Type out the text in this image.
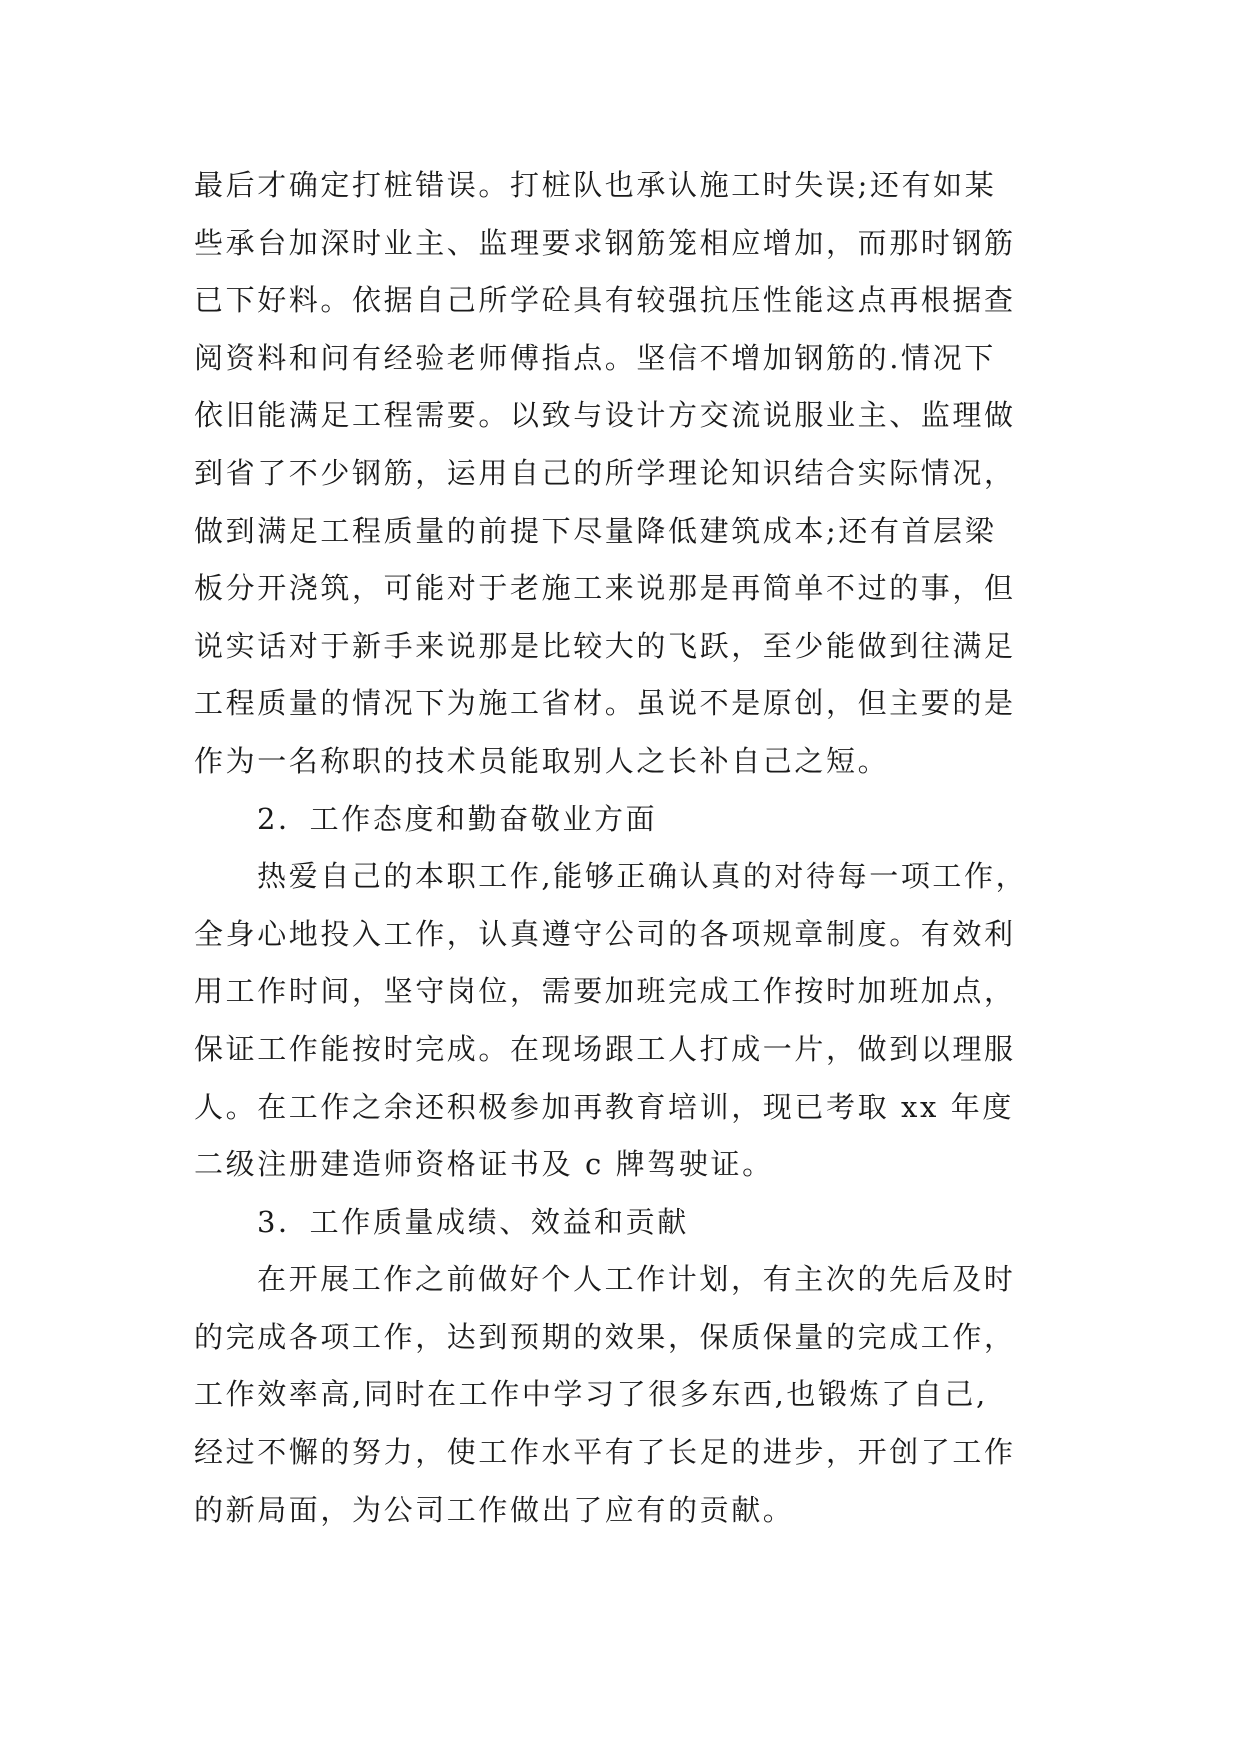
最后才确定打桩错误。打桩队也承认施工时失误;还有如某
些承台加深时业主、监理要求钢筋笼相应增加，而那时钢筋
已下好料。依据自己所学砼具有较强抗压性能这点再根据查
阅资料和问有经验老师傅指点。坚信不增加钢筋的.情况下
依旧能满足工程需要。以致与设计方交流说服业主、监理做
到省了不少钢筋，运用自己的所学理论知识结合实际情况，
做到满足工程质量的前提下尽量降低建筑成本;还有首层梁
板分开浇筑，可能对于老施工来说那是再简单不过的事，但
说实话对于新手来说那是比较大的飞跃，至少能做到往满足
工程质量的情况下为施工省材。虽说不是原创，但主要的是
作为一名称职的技术员能取别人之长补自己之短。
2．工作态度和勤奋敬业方面
热爱自己的本职工作,能够正确认真的对待每一项工作，
全身心地投入工作，认真遵守公司的各项规章制度。有效利
用工作时间，坚守岗位，需要加班完成工作按时加班加点，
保证工作能按时完成。在现场跟工人打成一片，做到以理服
人。在工作之余还积极参加再教育培训，现已考取 xx 年度
二级注册建造师资格证书及 c 牌驾驶证。
3．工作质量成绩、效益和贡献
在开展工作之前做好个人工作计划，有主次的先后及时
的完成各项工作，达到预期的效果，保质保量的完成工作，
工作效率高,同时在工作中学习了很多东西,也锻炼了自己,
经过不懈的努力，使工作水平有了长足的进步，开创了工作
的新局面，为公司工作做出了应有的贡献。
